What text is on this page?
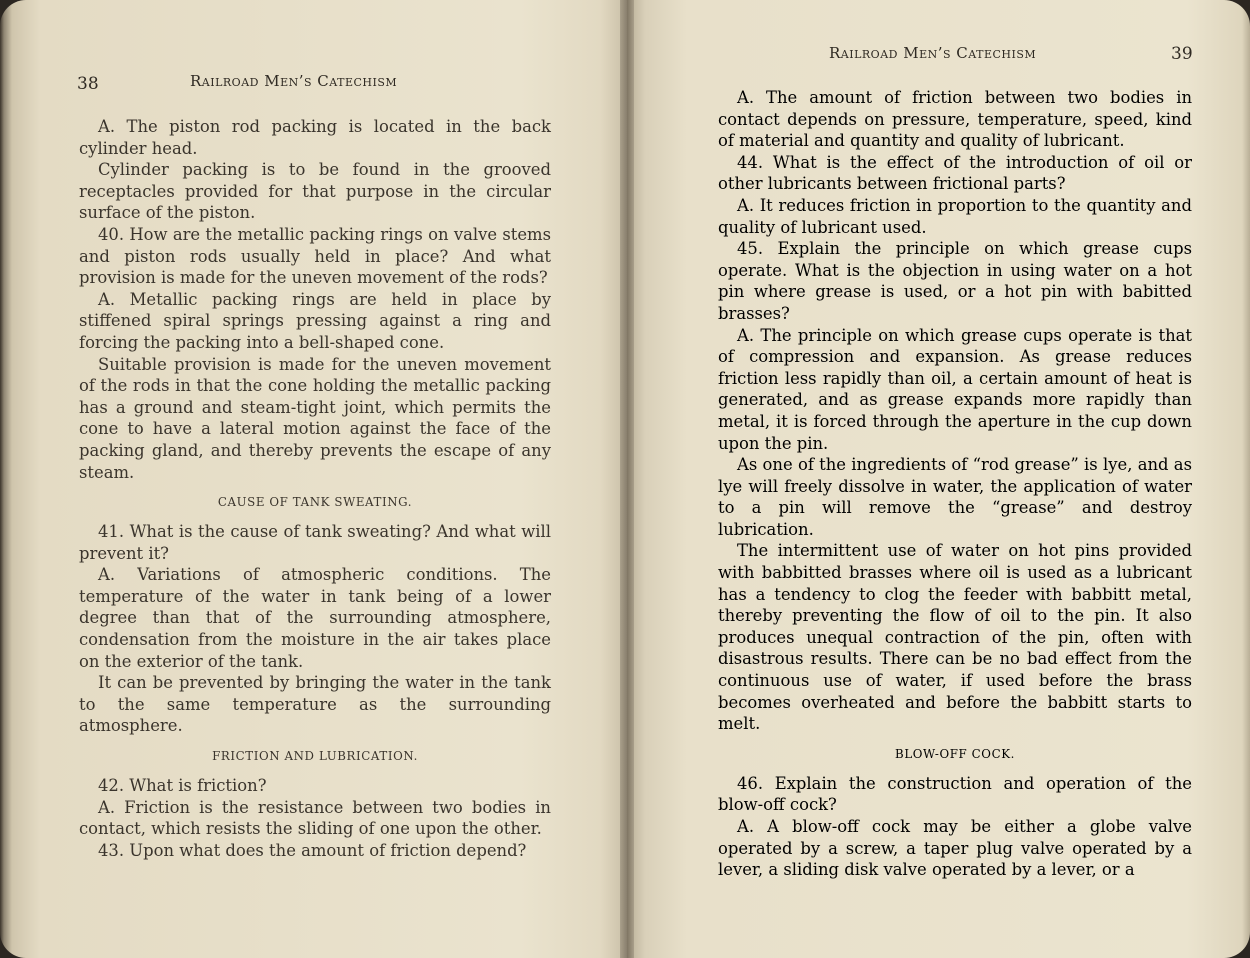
38	Railroad Men’s Catechism

A. The piston rod packing is located in the back cylinder head.

Cylinder packing is to be found in the grooved receptacles provided for that purpose in the circular surface of the piston.

40. How are the metallic packing rings on valve stems and piston rods usually held in place? And what provision is made for the uneven movement of the rods?

A. Metallic packing rings are held in place by stiffened spiral springs pressing against a ring and forcing the packing into a bell-shaped cone.

Suitable provision is made for the uneven movement of the rods in that the cone holding the metallic packing has a ground and steam-tight joint, which permits the cone to have a lateral motion against the face of the packing gland, and thereby prevents the escape of any steam.

CAUSE OF TANK SWEATING.

41. What is the cause of tank sweating? And what will prevent it?

A. Variations of atmospheric conditions. The temperature of the water in tank being of a lower degree than that of the surrounding atmosphere, condensation from the moisture in the air takes place on the exterior of the tank.

It can be prevented by bringing the water in the tank to the same temperature as the surrounding atmosphere.

FRICTION AND LUBRICATION.

42. What is friction?

A. Friction is the resistance between two bodies in contact, which resists the sliding of one upon the other.

43. Upon what does the amount of friction depend?

Railroad Men’s Catechism	39

A. The amount of friction between two bodies in contact depends on pressure, temperature, speed, kind of material and quantity and quality of lubricant.

44. What is the effect of the introduction of oil or other lubricants between frictional parts?

A. It reduces friction in proportion to the quantity and quality of lubricant used.

45. Explain the principle on which grease cups operate. What is the objection in using water on a hot pin where grease is used, or a hot pin with babitted brasses?

A. The principle on which grease cups operate is that of compression and expansion. As grease reduces friction less rapidly than oil, a certain amount of heat is generated, and as grease expands more rapidly than metal, it is forced through the aperture in the cup down upon the pin.

As one of the ingredients of “rod grease” is lye, and as lye will freely dissolve in water, the application of water to a pin will remove the “grease” and destroy lubrication.

The intermittent use of water on hot pins provided with babbitted brasses where oil is used as a lubricant has a tendency to clog the feeder with babbitt metal, thereby preventing the flow of oil to the pin. It also produces unequal contraction of the pin, often with disastrous results. There can be no bad effect from the continuous use of water, if used before the brass becomes overheated and before the babbitt starts to melt.

BLOW-OFF COCK.

46. Explain the construction and operation of the blow-off cock?

A. A blow-off cock may be either a globe valve operated by a screw, a taper plug valve operated by a lever, a sliding disk valve operated by a lever, or a
